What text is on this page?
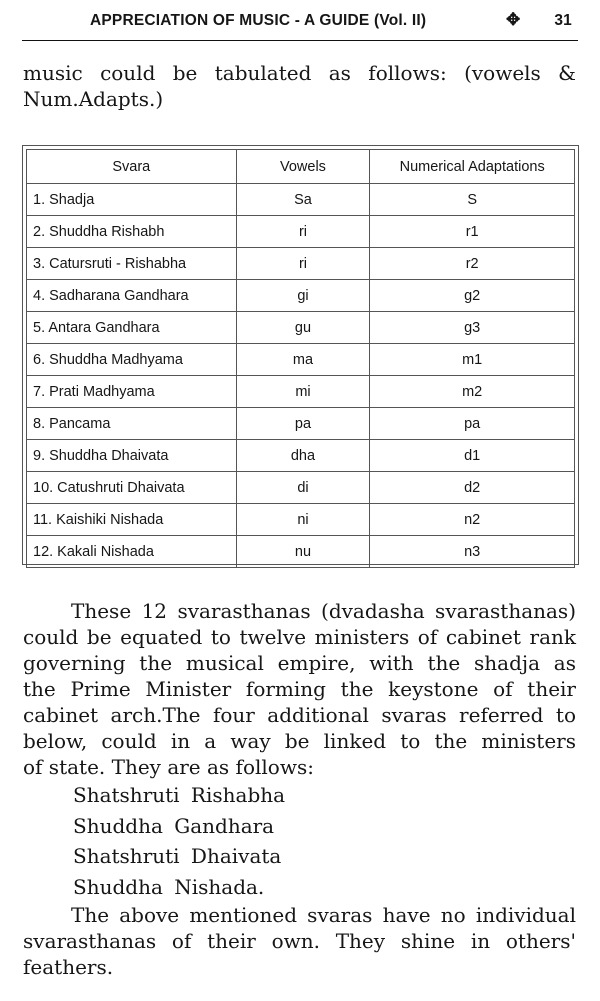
APPRECIATION OF MUSIC - A GUIDE (Vol. II)	✥ 31

music could be tabulated as follows: (vowels &
Num.Adapts.)

Svara	Vowels	Numerical Adaptations
1. Shadja	Sa	S
2. Shuddha Rishabh	ri	r1
3. Catursruti - Rishabha	ri	r2
4. Sadharana Gandhara	gi	g2
5. Antara Gandhara	gu	g3
6. Shuddha Madhyama	ma	m1
7. Prati Madhyama	mi	m2
8. Pancama	pa	pa
9. Shuddha Dhaivata	dha	d1
10. Catushruti Dhaivata	di	d2
11. Kaishiki Nishada	ni	n2
12. Kakali Nishada	nu	n3

These 12 svarasthanas (dvadasha svarasthanas)
could be equated to twelve ministers of cabinet rank
governing the musical empire, with the shadja as
the Prime Minister forming the keystone of their
cabinet arch.The four additional svaras referred to
below, could in a way be linked to the ministers
of state. They are as follows:

Shatshruti Rishabha
Shuddha Gandhara
Shatshruti Dhaivata
Shuddha Nishada.

The above mentioned svaras have no individual
svarasthanas of their own. They shine in others'
feathers.
